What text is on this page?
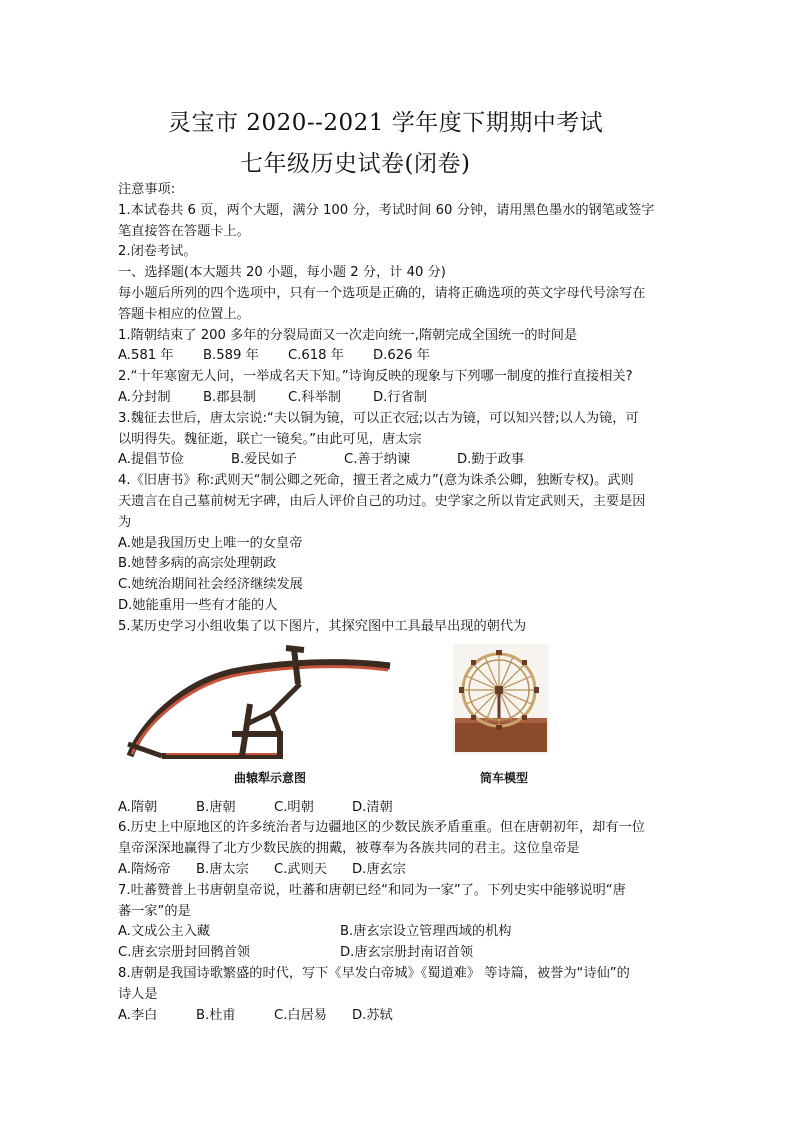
灵宝市 2020--2021 学年度下期期中考试
七年级历史试卷(闭卷)

注意事项:

1.本试卷共 6 页，两个大题，满分 100 分，考试时间 60 分钟，请用黑色墨水的钢笔或签字

笔直接答在答题卡上。

2.闭卷考试。

一、选择题(本大题共 20 小题，每小题 2 分，计 40 分)

每小题后所列的四个选项中，只有一个选项是正确的，请将正确选项的英文字母代号涂写在

答题卡相应的位置上。

1.隋朝结束了 200 多年的分裂局面又一次走向统一,隋朝完成全国统一的时间是

A.581 年	B.589 年	C.618 年	D.626 年

2.“十年寒窗无人问，一举成名天下知。”诗询反映的现象与下列哪一制度的推行直接相关?

A.分封制	B.郡县制	C.科举制	D.行省制

3.魏征去世后，唐太宗说:“夫以铜为镜，可以正衣冠;以古为镜，可以知兴替;以人为镜，可

以明得失。魏征逝，联亡一镜矣。”由此可见，唐太宗

A.提倡节俭	B.爱民如子	C.善于纳谏	D.勤于政事

4.《旧唐书》称:武则天“制公卿之死命，擅王者之威力”(意为诛杀公卿，独断专权)。武则

天遗言在自己墓前树无字碑，由后人评价自己的功过。史学家之所以肯定武则天，主要是因

为

A.她是我国历史上唯一的女皇帝

B.她替多病的高宗处理朝政

C.她统治期间社会经济继续发展

D.她能重用一些有才能的人

5.某历史学习小组收集了以下图片，其探究图中工具最早出现的朝代为

曲辕犁示意图	筒车模型
A.隋朝	B.唐朝	C.明朝	D.清朝

6.历史上中原地区的许多统治者与边疆地区的少数民族矛盾重重。但在唐朝初年，却有一位

皇帝深深地赢得了北方少数民族的拥戴，被尊奉为各族共同的君主。这位皇帝是

A.隋炀帝	B.唐太宗	C.武则天	D.唐玄宗

7.吐蕃赞普上书唐朝皇帝说，吐蕃和唐朝已经“和同为一家”了。下列史实中能够说明“唐

蕃一家”的是

A.文成公主入藏	B.唐玄宗设立管理西域的机构
C.唐玄宗册封回鹘首领	D.唐玄宗册封南诏首领

8.唐朝是我国诗歌繁盛的时代，写下《早发白帝城》《蜀道难》 等诗篇，被誉为“诗仙”的

诗人是

A.李白	B.杜甫	C.白居易	D.苏轼
